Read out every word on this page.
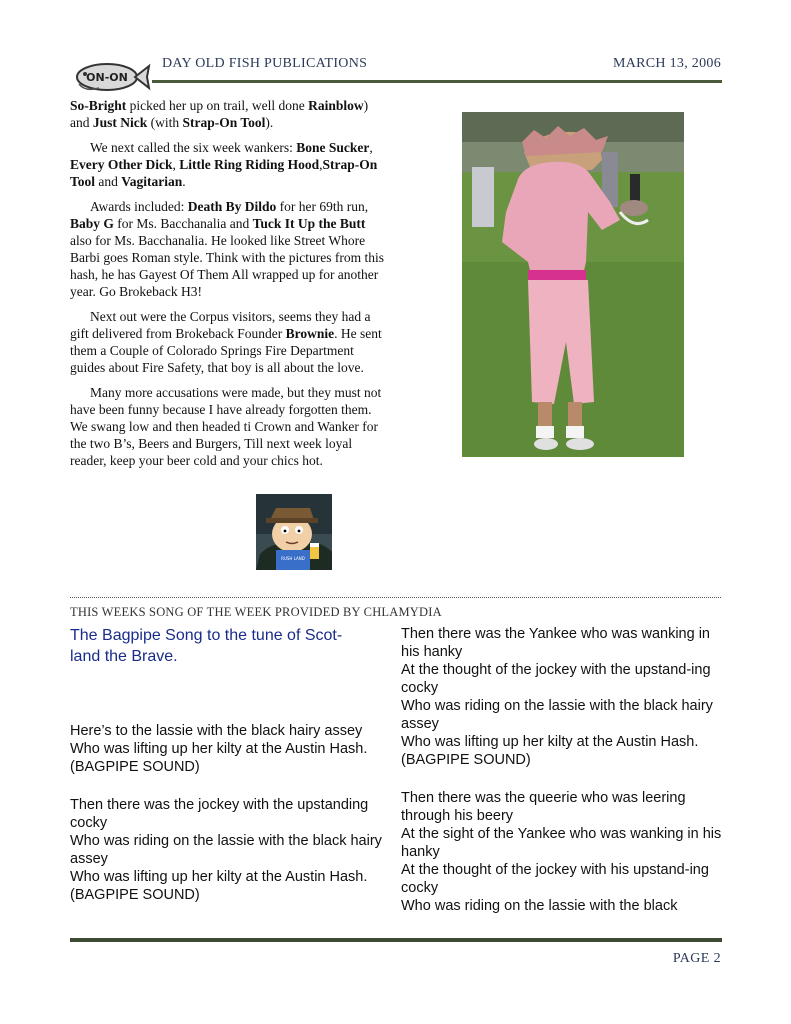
ON-ON
DAY OLD FISH PUBLICATIONS	MARCH 13, 2006

So-Bright picked her up on trail, well done Rainblow) and Just Nick (with Strap-On Tool).

We next called the six week wankers: Bone Sucker, Every Other Dick, Little Ring Riding Hood,Strap-On Tool and Vagitarian.

Awards included: Death By Dildo for her 69th run, Baby G for Ms. Bacchanalia and Tuck It Up the Butt also for Ms. Bacchanalia. He looked like Street Whore Barbi goes Roman style. Think with the pictures from this hash, he has Gayest Of Them All wrapped up for another year. Go Brokeback H3!

Next out were the Corpus visitors, seems they had a gift delivered from Brokeback Founder Brownie. He sent them a Couple of Colorado Springs Fire Department guides about Fire Safety, that boy is all about the love.

Many more accusations were made, but they must not have been funny because I have already forgotten them. We swang low and then headed ti Crown and Wanker for the two B’s, Beers and Burgers, Till next week loyal reader, keep your beer cold and your chics hot.

RUSH LAND
THIS WEEKS SONG OF THE WEEK PROVIDED BY CHLAMYDIA
The Bagpipe Song to the tune of Scot-land the Brave.
Here’s to the lassie with the black hairy assey
Who was lifting up her kilty at the Austin Hash.
(BAGPIPE SOUND)
Then there was the jockey with the upstanding cocky
Who was riding on the lassie with the black hairy assey
Who was lifting up her kilty at the Austin Hash.
(BAGPIPE SOUND)
Then there was the Yankee who was wanking in his hanky
At the thought of the jockey with the upstand-ing cocky
Who was riding on the lassie with the black hairy assey
Who was lifting up her kilty at the Austin Hash.
(BAGPIPE SOUND)
Then there was the queerie who was leering through his beery
At the sight of the Yankee who was wanking in his hanky
At the thought of the jockey with his upstand-ing cocky
Who was riding on the lassie with the black
PAGE 2
